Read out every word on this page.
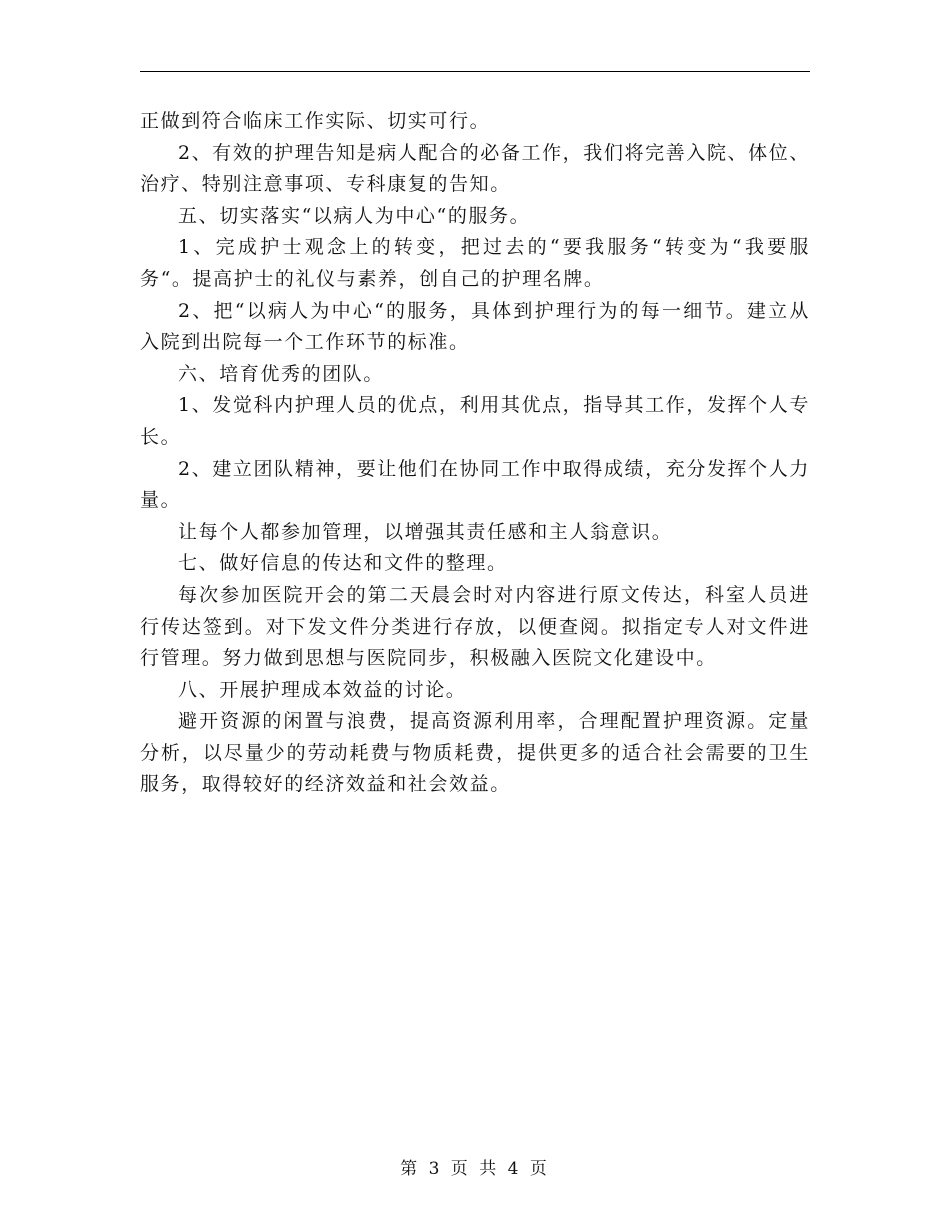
正做到符合临床工作实际、切实可行。

2、有效的护理告知是病人配合的必备工作，我们将完善入院、体位、治疗、特别注意事项、专科康复的告知。

五、切实落实“以病人为中心“的服务。

1、完成护士观念上的转变，把过去的“要我服务“转变为“我要服务“。提高护士的礼仪与素养，创自己的护理名牌。

2、把“以病人为中心“的服务，具体到护理行为的每一细节。建立从入院到出院每一个工作环节的标准。

六、培育优秀的团队。

1、发觉科内护理人员的优点，利用其优点，指导其工作，发挥个人专长。

2、建立团队精神，要让他们在协同工作中取得成绩，充分发挥个人力量。

让每个人都参加管理，以增强其责任感和主人翁意识。

七、做好信息的传达和文件的整理。

每次参加医院开会的第二天晨会时对内容进行原文传达，科室人员进行传达签到。对下发文件分类进行存放，以便查阅。拟指定专人对文件进行管理。努力做到思想与医院同步，积极融入医院文化建设中。

八、开展护理成本效益的讨论。

避开资源的闲置与浪费，提高资源利用率，合理配置护理资源。定量分析，以尽量少的劳动耗费与物质耗费，提供更多的适合社会需要的卫生服务，取得较好的经济效益和社会效益。

第 3 页 共 4 页
